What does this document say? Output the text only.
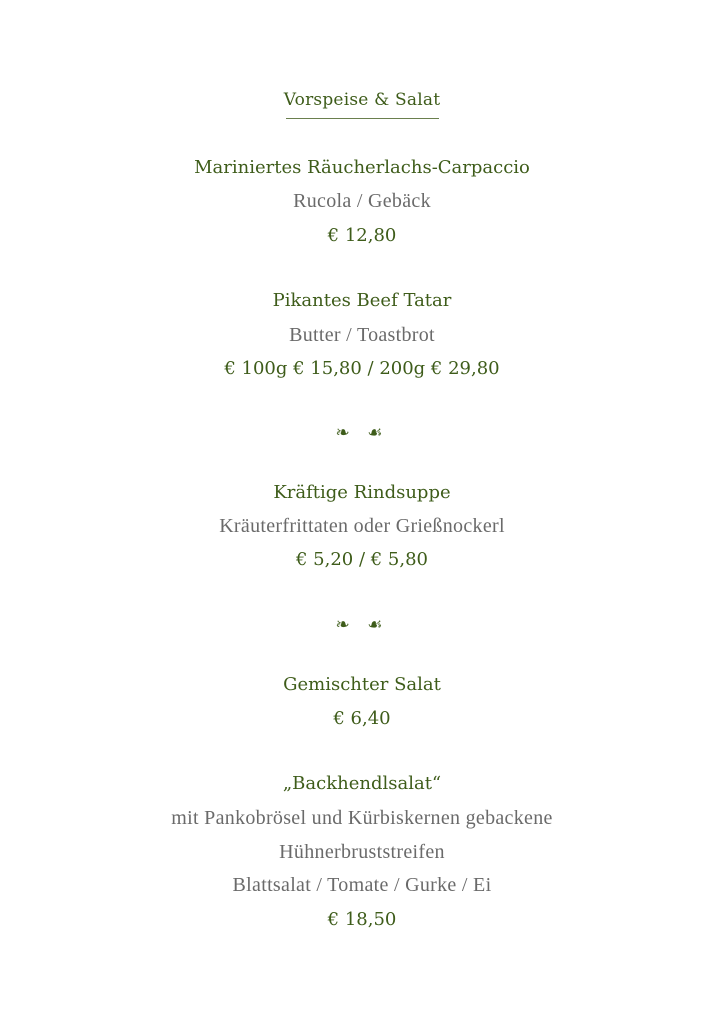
Vorspeise & Salat
Mariniertes Räucherlachs-Carpaccio
Rucola / Gebäck
€ 12,80
Pikantes Beef Tatar
Butter / Toastbrot
€ 100g € 15,80 / 200g € 29,80
❧ ☙
Kräftige Rindsuppe
Kräuterfrittaten oder Grießnockerl
€ 5,20 / € 5,80
❧ ☙
Gemischter Salat
€ 6,40
„Backhendlsalat“
mit Pankobrösel und Kürbiskernen gebackene
Hühnerbruststreifen
Blattsalat / Tomate / Gurke / Ei
€ 18,50
